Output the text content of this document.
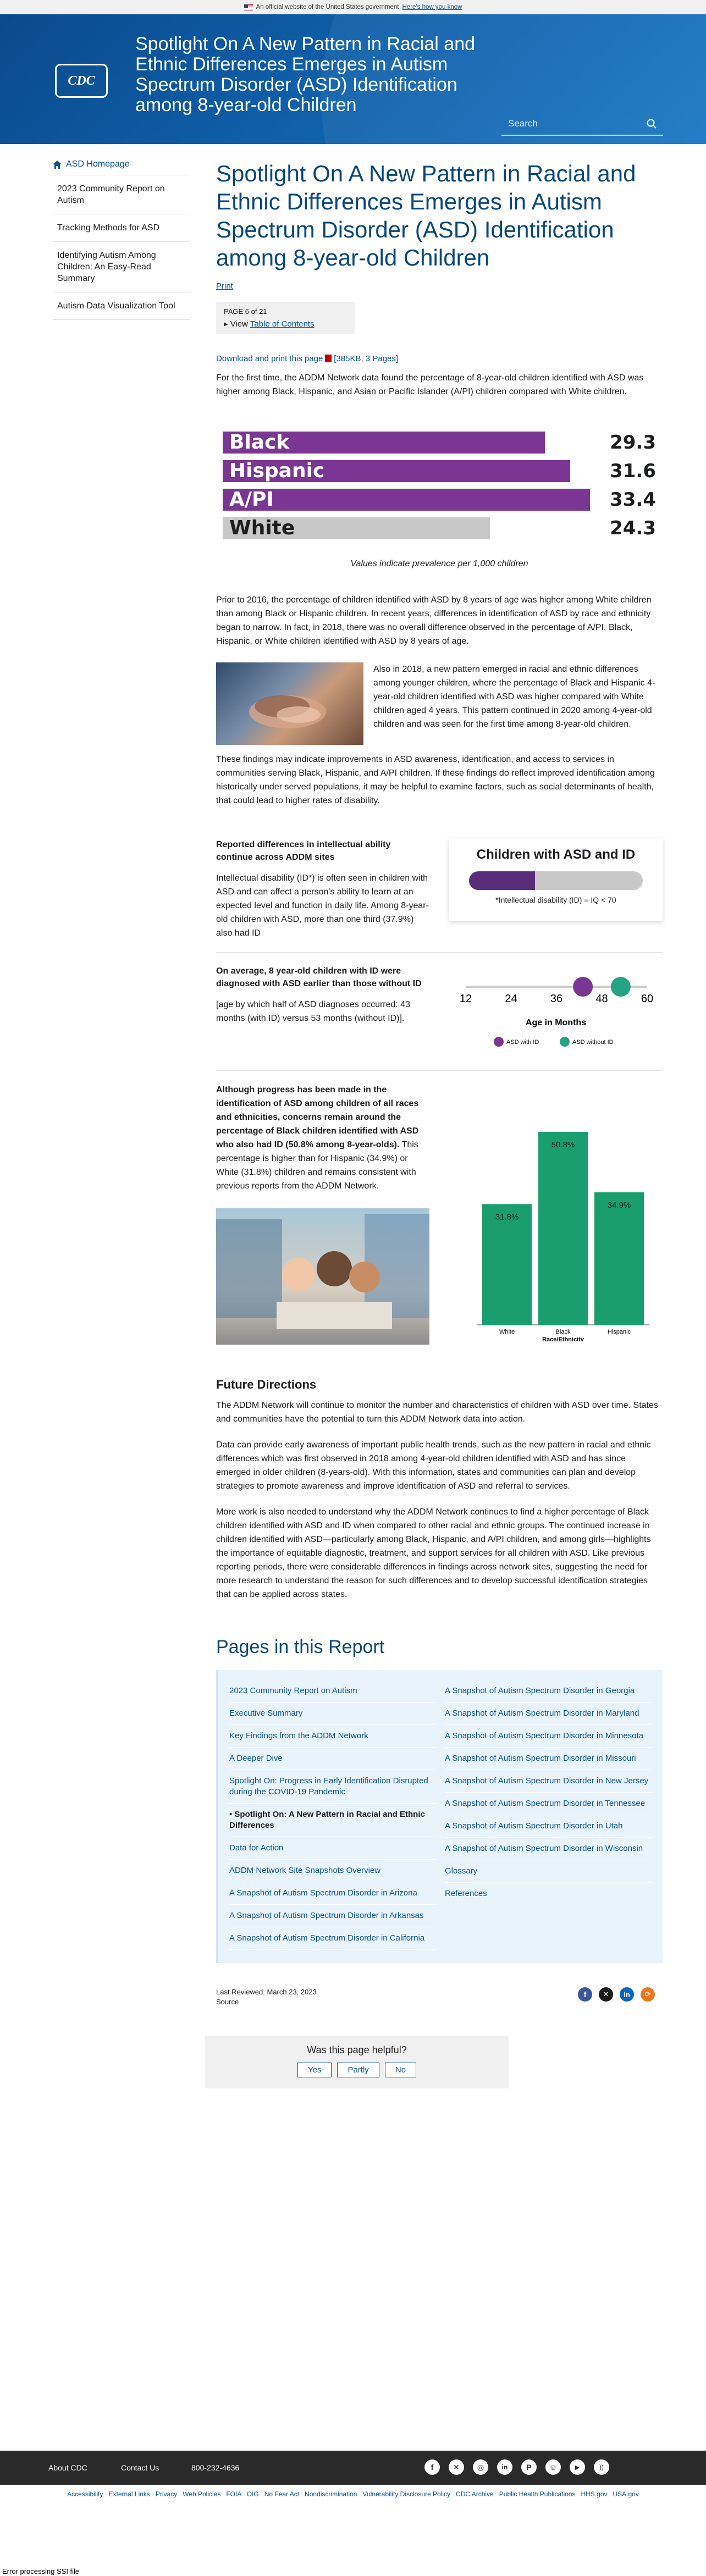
An official website of the United States government Here's how you know
CDC
Spotlight On A New Pattern in Racial and Ethnic Differences Emerges in Autism Spectrum Disorder (ASD) Identification among 8-year-old Children
Search
ASD Homepage
2023 Community Report on Autism
Tracking Methods for ASD
Identifying Autism Among Children: An Easy-Read Summary
Autism Data Visualization Tool
Spotlight On A New Pattern in Racial and Ethnic Differences Emerges in Autism Spectrum Disorder (ASD) Identification among 8-year-old Children
Print
PAGE 6 of 21
▸ View Table of Contents
Download and print this page [385KB, 3 Pages]

For the first time, the ADDM Network data found the percentage of 8-year-old children identified with ASD was higher among Black, Hispanic, and Asian or Pacific Islander (A/PI) children compared with White children.

Black	29.3
Hispanic	31.6
A/PI	33.4
White	24.3
Values indicate prevalence per 1,000 children

Prior to 2016, the percentage of children identified with ASD by 8 years of age was higher among White children than among Black or Hispanic children. In recent years, differences in identification of ASD by race and ethnicity began to narrow. In fact, in 2018, there was no overall difference observed in the percentage of A/PI, Black, Hispanic, or White children identified with ASD by 8 years of age.

Also in 2018, a new pattern emerged in racial and ethnic differences among younger children, where the percentage of Black and Hispanic 4-year-old children identified with ASD was higher compared with White children aged 4 years. This pattern continued in 2020 among 4-year-old children and was seen for the first time among 8-year-old children.

These findings may indicate improvements in ASD awareness, identification, and access to services in communities serving Black, Hispanic, and A/PI children. If these findings do reflect improved identification among historically under served populations, it may be helpful to examine factors, such as social determinants of health, that could lead to higher rates of disability.

Reported differences in intellectual ability continue across ADDM sites

Intellectual disability (ID*) is often seen in children with ASD and can affect a person's ability to learn at an expected level and function in daily life. Among 8-year-old children with ASD, more than one third (37.9%) also had ID

Children with ASD and ID
*Intellectual disability (ID) = IQ < 70
On average, 8 year-old children with ID were diagnosed with ASD earlier than those without ID

[age by which half of ASD diagnoses occurred: 43 months (with ID) versus 53 months (without ID)].

12	24	36	48	60
Age in Months
ASD with ID	ASD without ID

Although progress has been made in the identification of ASD among children of all races and ethnicities, concerns remain around the percentage of Black children identified with ASD who also had ID (50.8% among 8-year-olds). This percentage is higher than for Hispanic (34.9%) or White (31.8%) children and remains consistent with previous reports from the ADDM Network.

31.8%
White
50.8%
Black
34.9%
Hispanic
Race/Ethnicity
Future Directions

The ADDM Network will continue to monitor the number and characteristics of children with ASD over time. States and communities have the potential to turn this ADDM Network data into action.

Data can provide early awareness of important public health trends, such as the new pattern in racial and ethnic differences which was first observed in 2018 among 4-year-old children identified with ASD and has since emerged in older children (8-years-old). With this information, states and communities can plan and develop strategies to promote awareness and improve identification of ASD and referral to services.

More work is also needed to understand why the ADDM Network continues to find a higher percentage of Black children identified with ASD and ID when compared to other racial and ethnic groups. The continued increase in children identified with ASD—particularly among Black, Hispanic, and A/PI children, and among girls—highlights the importance of equitable diagnostic, treatment, and support services for all children with ASD. Like previous reporting periods, there were considerable differences in findings across network sites, suggesting the need for more research to understand the reason for such differences and to develop successful identification strategies that can be applied across states.

Pages in this Report
2023 Community Report on Autism
Executive Summary
Key Findings from the ADDM Network
A Deeper Dive
Spotlight On: Progress in Early Identification Disrupted during the COVID-19 Pandemic
• Spotlight On: A New Pattern in Racial and Ethnic Differences
Data for Action
ADDM Network Site Snapshots Overview
A Snapshot of Autism Spectrum Disorder in Arizona
A Snapshot of Autism Spectrum Disorder in Arkansas
A Snapshot of Autism Spectrum Disorder in California
A Snapshot of Autism Spectrum Disorder in Georgia
A Snapshot of Autism Spectrum Disorder in Maryland
A Snapshot of Autism Spectrum Disorder in Minnesota
A Snapshot of Autism Spectrum Disorder in Missouri
A Snapshot of Autism Spectrum Disorder in New Jersey
A Snapshot of Autism Spectrum Disorder in Tennessee
A Snapshot of Autism Spectrum Disorder in Utah
A Snapshot of Autism Spectrum Disorder in Wisconsin
Glossary
References
Last Reviewed: March 23, 2023
Source
f	✕	in	⟳
Was this page helpful?
Yes	Partly	No
About CDC	Contact Us	800-232-4636	f	✕	◎	in	P	☺	▶	))
Accessibility   External Links   Privacy   Web Policies   FOIA   OIG   No Fear Act   Nondiscrimination   Vulnerability Disclosure Policy   CDC Archive   Public Health Publications   HHS.gov   USA.gov
Error processing SSI file
